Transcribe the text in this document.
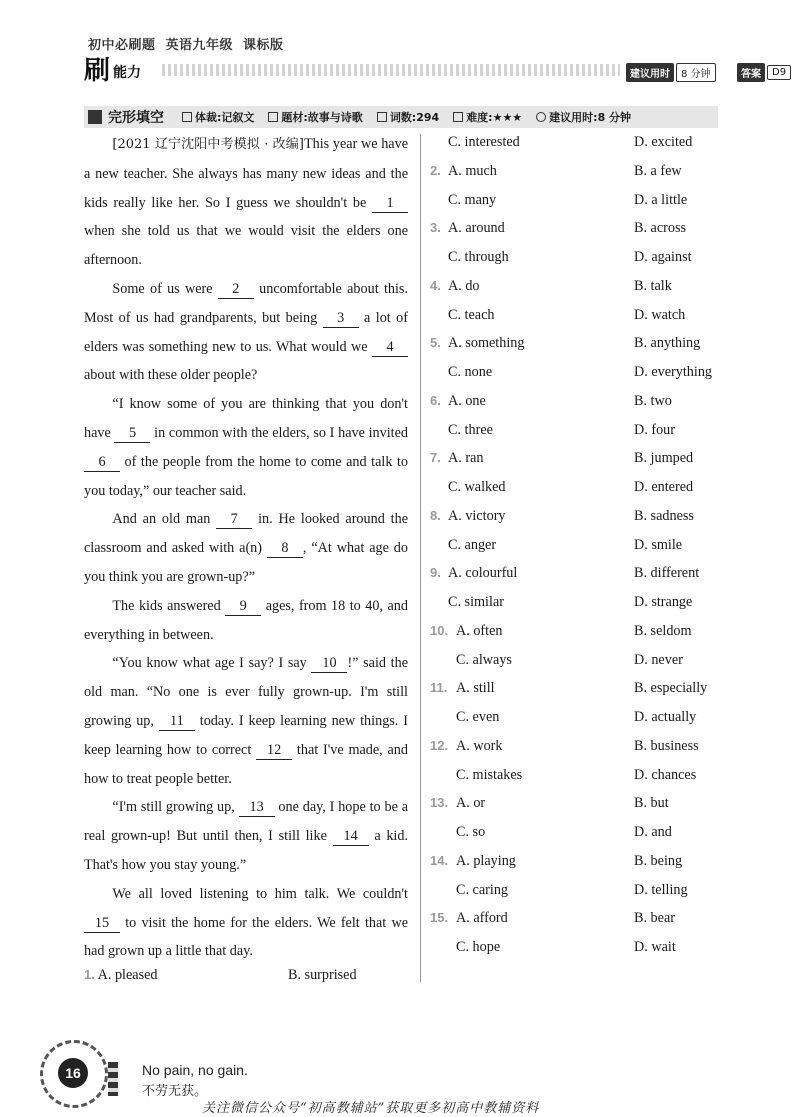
初中必刷题 英语九年级 课标版
刷 能力	建议用时	8 分钟	答案	D9
完形填空	体裁:记叙文 题材:故事与诗歌 词数:294 难度:★★★ 建议用时:8 分钟

[2021 辽宁沈阳中考模拟 · 改编]This year we have a new teacher. She always has many new ideas and the kids really like her. So I guess we shouldn't be 1 when she told us that we would visit the elders one afternoon.

Some of us were 2 uncomfortable about this. Most of us had grandparents, but being 3 a lot of elders was something new to us. What would we 4 about with these older people?

“I know some of you are thinking that you don't have 5 in common with the elders, so I have invited 6 of the people from the home to come and talk to you today,” our teacher said.

And an old man 7 in. He looked around the classroom and asked with a(n) 8 , “At what age do you think you are grown-up?”

The kids answered 9 ages, from 18 to 40, and everything in between.

“You know what age I say? I say 10 !” said the old man. “No one is ever fully grown-up. I'm still growing up, 11 today. I keep learning new things. I keep learning how to correct 12 that I've made, and how to treat people better.

“I'm still growing up, 13 one day, I hope to be a real grown-up! But until then, I still like 14 a kid. That's how you stay young.”

We all loved listening to him talk. We couldn't 15 to visit the home for the elders. We felt that we had grown up a little that day.

1. A. pleased	B. surprised
C. interested	D. excited
2. A. much	B. a few
C. many	D. a little
3. A. around	B. across
C. through	D. against
4. A. do	B. talk
C. teach	D. watch
5. A. something	B. anything
C. none	D. everything
6. A. one	B. two
C. three	D. four
7. A. ran	B. jumped
C. walked	D. entered
8. A. victory	B. sadness
C. anger	D. smile
9. A. colourful	B. different
C. similar	D. strange
10. A. often	B. seldom
C. always	D. never
11. A. still	B. especially
C. even	D. actually
12. A. work	B. business
C. mistakes	D. chances
13. A. or	B. but
C. so	D. and
14. A. playing	B. being
C. caring	D. telling
15. A. afford	B. bear
C. hope	D. wait
16	No pain, no gain.
不劳无获。
关注微信公众号“初高教辅站”获取更多初高中教辅资料
